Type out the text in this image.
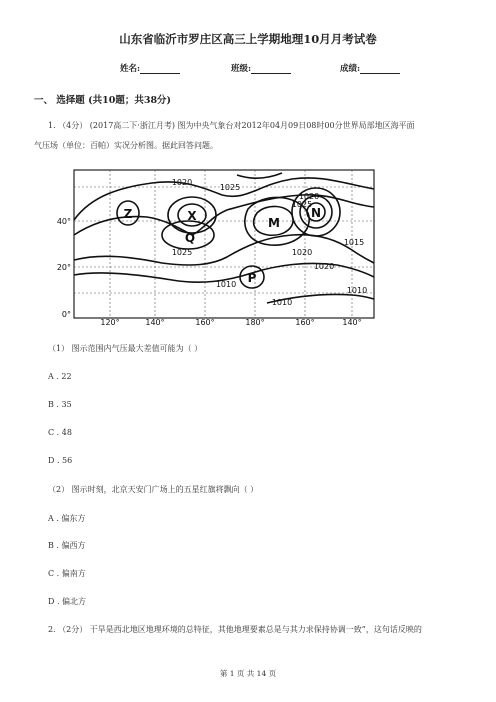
山东省临沂市罗庄区高三上学期地理10月月考试卷
姓名:	班级:	成绩:
一、 选择题 (共10题；共38分)
1. （4分） (2017高二下·浙江月考) 图为中央气象台对2012年04月09日08时00分世界局部地区海平面
气压场（单位：百帕）实况分析图。据此回答问题。
Z	X
Q
M
N
P
1020
1025
1020
1025
1020
1025
1015
1020
1010
1010
1010
40°
20°
0°
120°	140°	160°	180°	160°	140°
（1） 图示范围内气压最大差值可能为（ ）
A . 22
B . 35
C . 48
D . 56
（2） 图示时刻，北京天安门广场上的五星红旗将飘向（ ）
A . 偏东方
B . 偏西方
C . 偏南方
D . 偏北方
2. （2分） 干旱是西北地区地理环境的总特征，其他地理要素总是与其力求保持协调一致”，这句话反映的
第 1 页 共 14 页
